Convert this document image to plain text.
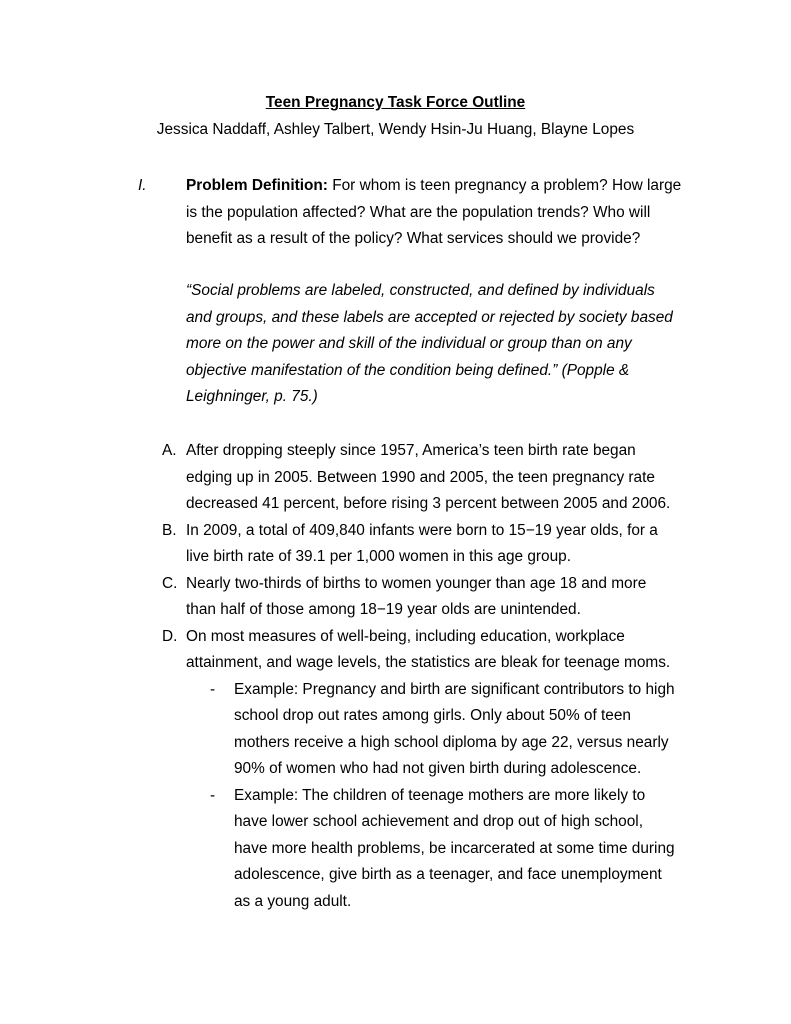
Teen Pregnancy Task Force Outline
Jessica Naddaff, Ashley Talbert, Wendy Hsin-Ju Huang, Blayne Lopes
I.	Problem Definition: For whom is teen pregnancy a problem? How large is the population affected? What are the population trends? Who will benefit as a result of the policy? What services should we provide?
“Social problems are labeled, constructed, and defined by individuals and groups, and these labels are accepted or rejected by society based more on the power and skill of the individual or group than on any objective manifestation of the condition being defined.” (Popple & Leighninger, p. 75.)
A. After dropping steeply since 1957, America’s teen birth rate began edging up in 2005. Between 1990 and 2005, the teen pregnancy rate decreased 41 percent, before rising 3 percent between 2005 and 2006.
B. In 2009, a total of 409,840 infants were born to 15−19 year olds, for a live birth rate of 39.1 per 1,000 women in this age group.
C. Nearly two-thirds of births to women younger than age 18 and more than half of those among 18−19 year olds are unintended.
D. On most measures of well-being, including education, workplace attainment, and wage levels, the statistics are bleak for teenage moms.
- Example: Pregnancy and birth are significant contributors to high school drop out rates among girls. Only about 50% of teen mothers receive a high school diploma by age 22, versus nearly 90% of women who had not given birth during adolescence.
- Example: The children of teenage mothers are more likely to have lower school achievement and drop out of high school, have more health problems, be incarcerated at some time during adolescence, give birth as a teenager, and face unemployment as a young adult.
